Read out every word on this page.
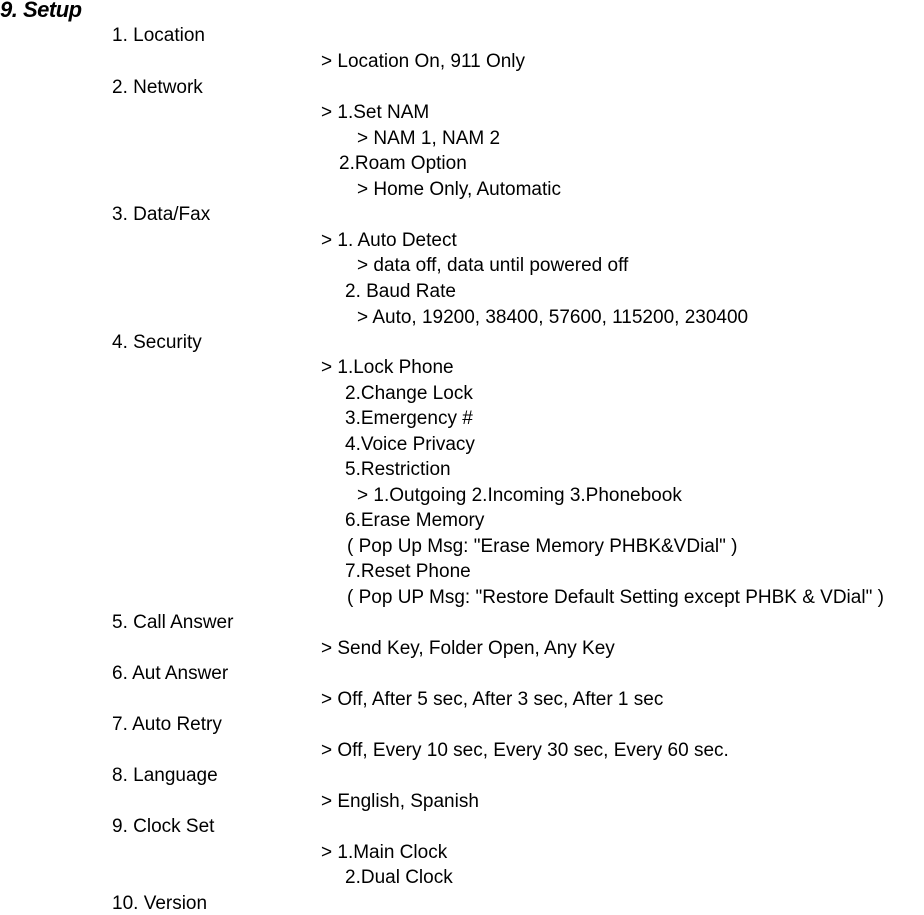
9. Setup
1. Location
> Location On, 911 Only
2. Network
> 1.Set NAM
> NAM 1, NAM 2
2.Roam Option
> Home Only, Automatic
3. Data/Fax
> 1. Auto Detect
> data off, data until powered off
2. Baud Rate
> Auto, 19200, 38400, 57600, 115200, 230400
4. Security
> 1.Lock Phone
2.Change Lock
3.Emergency #
4.Voice Privacy
5.Restriction
> 1.Outgoing 2.Incoming 3.Phonebook
6.Erase Memory
( Pop Up Msg: "Erase Memory PHBK&VDial" )
7.Reset Phone
( Pop UP Msg: "Restore Default Setting except PHBK & VDial" )
5. Call Answer
> Send Key, Folder Open, Any Key
6. Aut Answer
> Off, After 5 sec, After 3 sec, After 1 sec
7. Auto Retry
> Off, Every 10 sec, Every 30 sec, Every 60 sec.
8. Language
> English, Spanish
9. Clock Set
> 1.Main Clock
2.Dual Clock
10. Version
